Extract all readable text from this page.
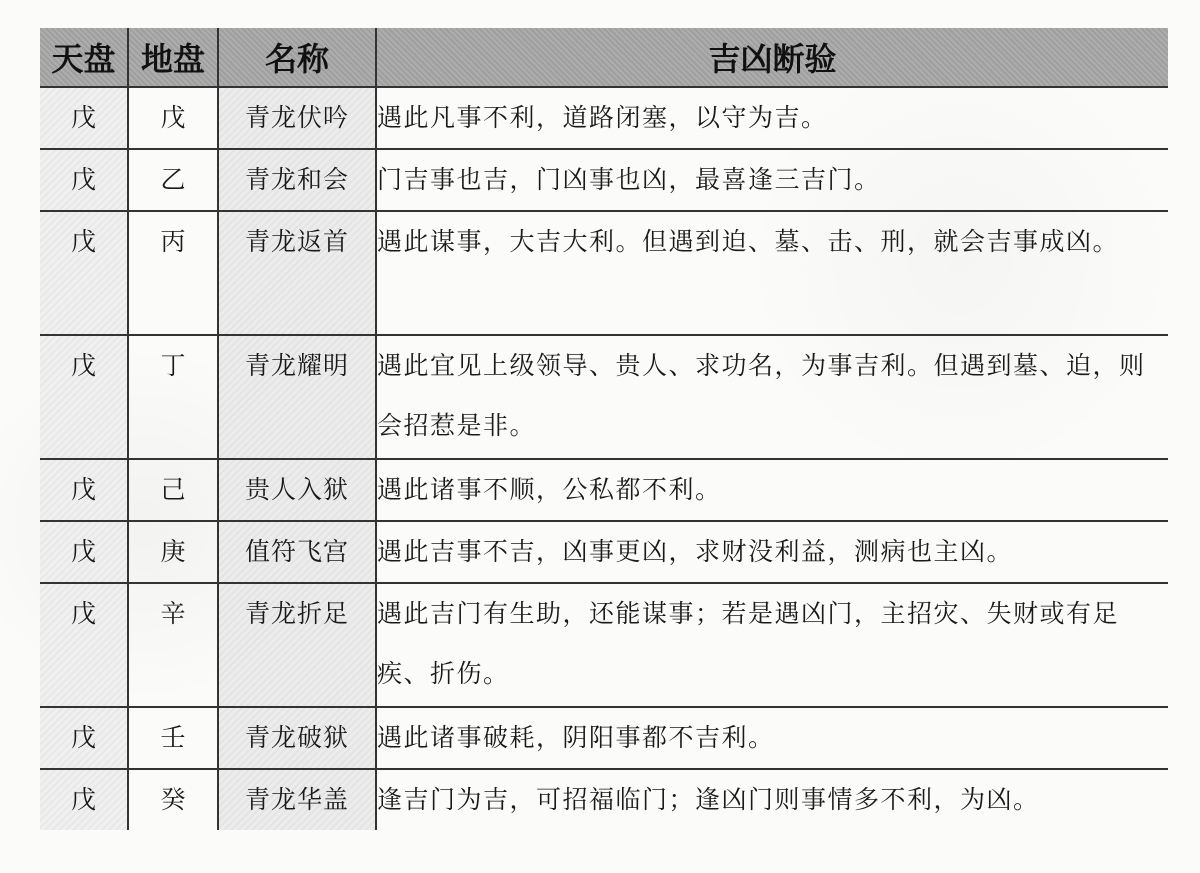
天盘	地盘	名称	吉凶断验
戊	戊	青龙伏吟	遇此凡事不利，道路闭塞，以守为吉。
戊	乙	青龙和会	门吉事也吉，门凶事也凶，最喜逢三吉门。
戊	丙	青龙返首	遇此谋事，大吉大利。但遇到迫、墓、击、刑，就会吉事成凶。
戊	丁	青龙耀明	遇此宜见上级领导、贵人、求功名，为事吉利。但遇到墓、迫，则会招惹是非。
戊	己	贵人入狱	遇此诸事不顺，公私都不利。
戊	庚	值符飞宫	遇此吉事不吉，凶事更凶，求财没利益，测病也主凶。
戊	辛	青龙折足	遇此吉门有生助，还能谋事；若是遇凶门，主招灾、失财或有足疾、折伤。
戊	壬	青龙破狱	遇此诸事破耗，阴阳事都不吉利。
戊	癸	青龙华盖	逢吉门为吉，可招福临门；逢凶门则事情多不利，为凶。
